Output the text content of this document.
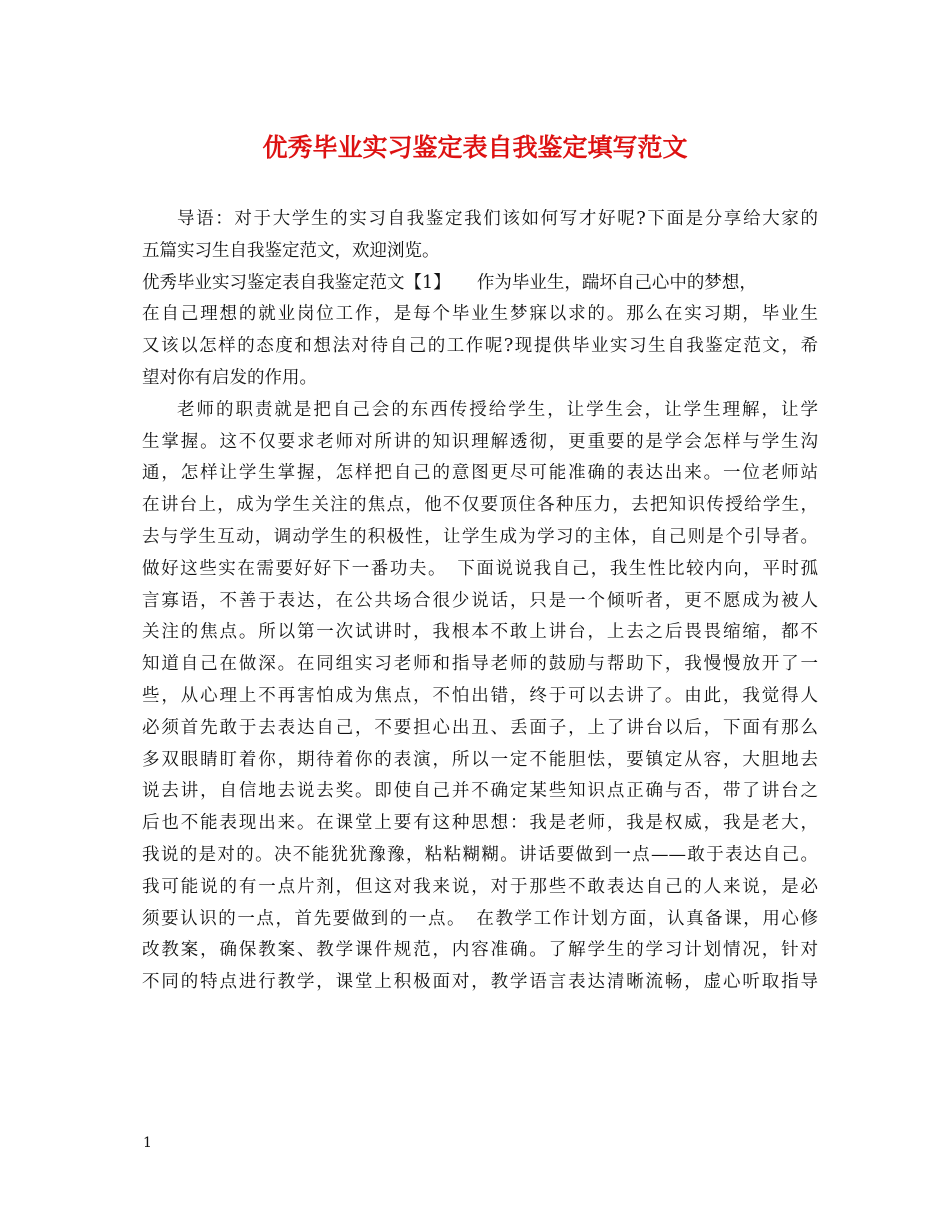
优秀毕业实习鉴定表自我鉴定填写范文
导语：对于大学生的实习自我鉴定我们该如何写才好呢?下面是分享给大家的
五篇实习生自我鉴定范文，欢迎浏览。
优秀毕业实习鉴定表自我鉴定范文【1】　　作为毕业生，踹坏自己心中的梦想，
在自己理想的就业岗位工作，是每个毕业生梦寐以求的。那么在实习期，毕业生
又该以怎样的态度和想法对待自己的工作呢?现提供毕业实习生自我鉴定范文，希
望对你有启发的作用。
老师的职责就是把自己会的东西传授给学生，让学生会，让学生理解，让学
生掌握。这不仅要求老师对所讲的知识理解透彻，更重要的是学会怎样与学生沟
通，怎样让学生掌握，怎样把自己的意图更尽可能准确的表达出来。一位老师站
在讲台上，成为学生关注的焦点，他不仅要顶住各种压力，去把知识传授给学生，
去与学生互动，调动学生的积极性，让学生成为学习的主体，自己则是个引导者。
做好这些实在需要好好下一番功夫。　下面说说我自己，我生性比较内向，平时孤
言寡语，不善于表达，在公共场合很少说话，只是一个倾听者，更不愿成为被人
关注的焦点。所以第一次试讲时，我根本不敢上讲台，上去之后畏畏缩缩，都不
知道自己在做深。在同组实习老师和指导老师的鼓励与帮助下，我慢慢放开了一
些，从心理上不再害怕成为焦点，不怕出错，终于可以去讲了。由此，我觉得人
必须首先敢于去表达自己，不要担心出丑、丢面子，上了讲台以后，下面有那么
多双眼睛盯着你，期待着你的表演，所以一定不能胆怯，要镇定从容，大胆地去
说去讲，自信地去说去奖。即使自己并不确定某些知识点正确与否，带了讲台之
后也不能表现出来。在课堂上要有这种思想：我是老师，我是权威，我是老大，
我说的是对的。决不能犹犹豫豫，粘粘糊糊。讲话要做到一点——敢于表达自己。
我可能说的有一点片剂，但这对我来说，对于那些不敢表达自己的人来说，是必
须要认识的一点，首先要做到的一点。　在教学工作计划方面，认真备课，用心修
改教案，确保教案、教学课件规范，内容准确。了解学生的学习计划情况，针对
不同的特点进行教学，课堂上积极面对，教学语言表达清晰流畅，虚心听取指导
1
